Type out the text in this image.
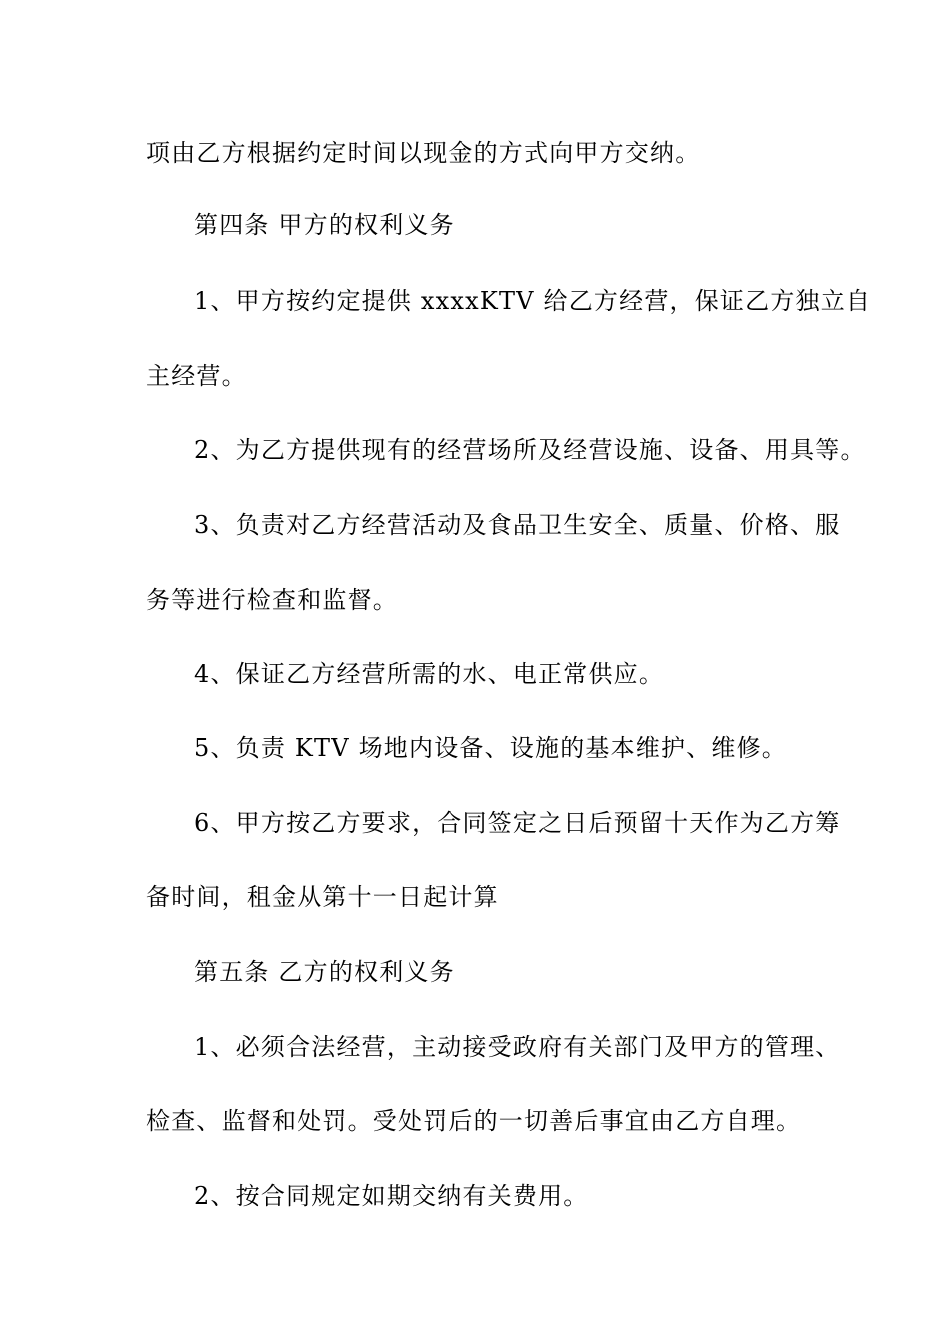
项由乙方根据约定时间以现金的方式向甲方交纳。
第四条 甲方的权利义务
1、甲方按约定提供 xxxxKTV 给乙方经营，保证乙方独立自
主经营。
2、为乙方提供现有的经营场所及经营设施、设备、用具等。
3、负责对乙方经营活动及食品卫生安全、质量、价格、服
务等进行检查和监督。
4、保证乙方经营所需的水、电正常供应。
5、负责 KTV 场地内设备、设施的基本维护、维修。
6、甲方按乙方要求，合同签定之日后预留十天作为乙方筹
备时间，租金从第十一日起计算
第五条 乙方的权利义务
1、必须合法经营，主动接受政府有关部门及甲方的管理、
检查、监督和处罚。受处罚后的一切善后事宜由乙方自理。
2、按合同规定如期交纳有关费用。
